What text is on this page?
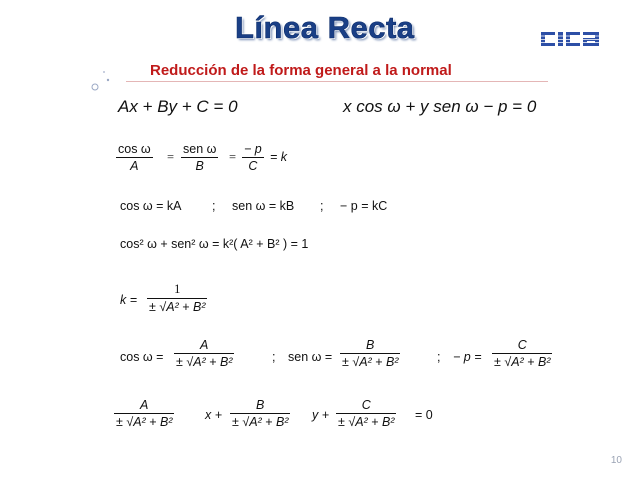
Línea Recta
Reducción de la forma general a la normal
Ax + By + C = 0	x cos ω + y sen ω − p = 0
cos ω
A
=
sen ω
B
=
− p
C
= k
cos ω = kA ; sen ω = kB ; − p = kC
cos² ω + sen² ω = k²( A² + B² ) = 1
k =
1
± √A² + B²
cos ω =
A
± √A² + B²	; sen ω =
B
± √A² + B²	; − p =
C
± √A² + B²
A
± √A² + B²	x +
B
± √A² + B² y +
C
± √A² + B² = 0
10
